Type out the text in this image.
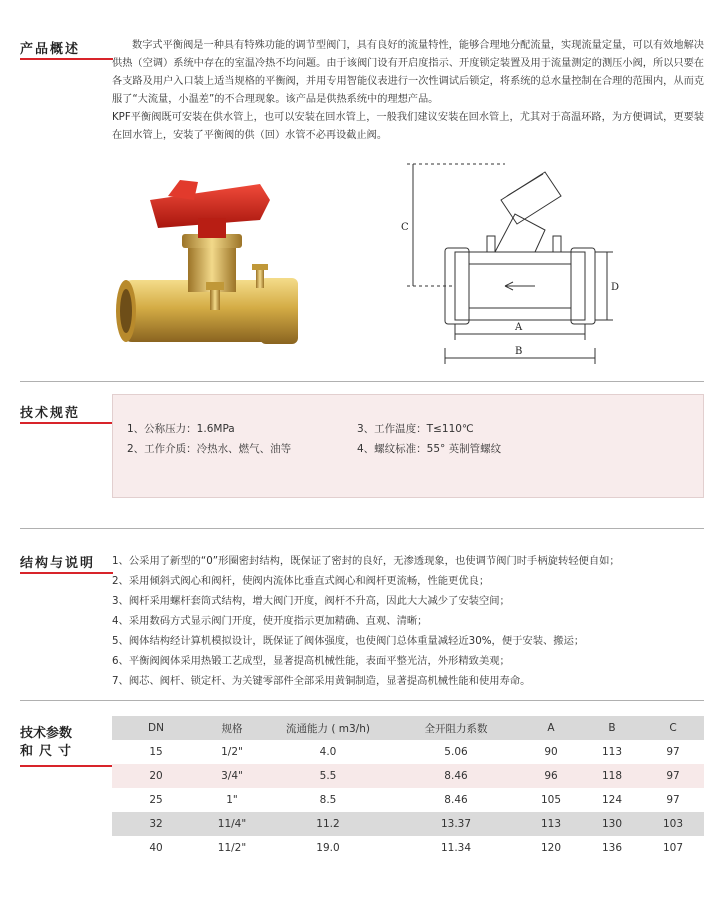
产品概述	数字式平衡阀是一种具有特殊功能的调节型阀门，具有良好的流量特性，能够合理地分配流量，实现流量定量，可以有效地解决供热（空调）系统中存在的室温冷热不均问题。由于该阀门设有开启度指示、开度锁定装置及用于流量测定的测压小阀，所以只要在各支路及用户入口装上适当规格的平衡阀，并用专用智能仪表进行一次性调试后锁定，将系统的总水量控制在合理的范围内，从而克服了“大流量，小温差”的不合理现象。该产品是供热系统中的理想产品。

KPF平衡阀既可安装在供水管上，也可以安装在回水管上，一般我们建议安装在回水管上，尤其对于高温环路，为方便调试，更要装在回水管上，安装了平衡阀的供（回）水管不必再设截止阀。

A
B
C
D
技术规范
1、公称压力：1.6MPa	3、工作温度：T≤110℃
2、工作介质：冷热水、燃气、油等	4、螺纹标准：55° 英制管螺纹
结构与说明 1、公采用了新型的“0”形圈密封结构，既保证了密封的良好，无渗透现象，也使调节阀门时手柄旋转轻便自如；
2、采用倾斜式阀心和阀杆，使阀内流体比垂直式阀心和阀杆更流畅，性能更优良；
3、阀杆采用螺杆套筒式结构，增大阀门开度，阀杆不升高，因此大大减少了安装空间；
4、采用数码方式显示阀门开度，使开度指示更加精确、直观、清晰；
5、阀体结构经计算机模拟设计，既保证了阀体强度，也使阀门总体重量减轻近30%，便于安装、搬运；
6、平衡阀阀体采用热锻工艺成型，显著提高机械性能，表面平整光洁，外形精致美观；
7、阀芯、阀杆、锁定杆、为关键零部件全部采用黄铜制造，显著提高机械性能和使用寿命。
技术参数
和尺寸
DN	规格	流通能力 ( m3/h)	全开阻力系数	A	B	C
15	1/2"	4.0	5.06	90	113	97
20	3/4"	5.5	8.46	96	118	97
25	1"	8.5	8.46	105	124	97
32	11/4"	11.2	13.37	113	130	103
40	11/2"	19.0	11.34	120	136	107
